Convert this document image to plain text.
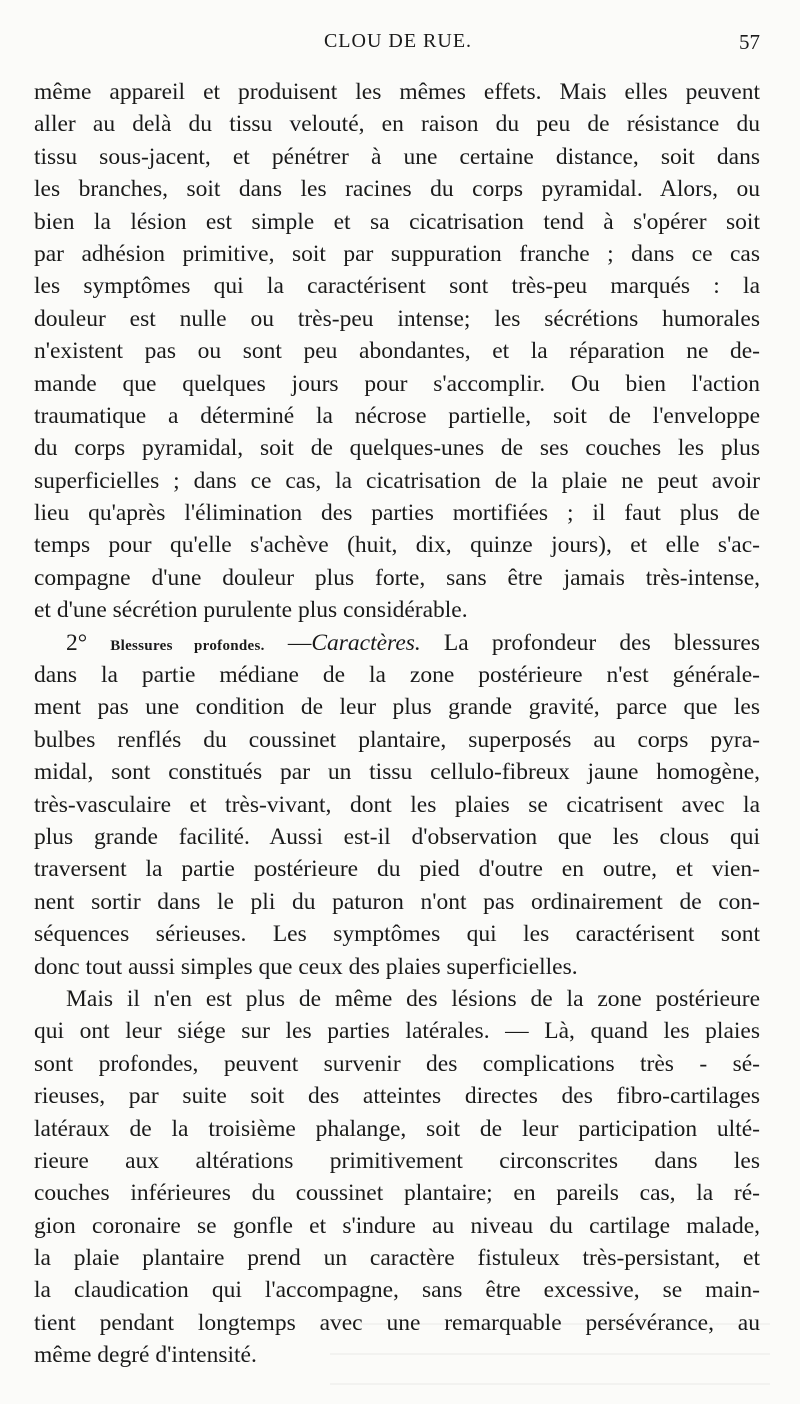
CLOU DE RUE.	57
même appareil et produisent les mêmes effets. Mais elles peuvent
aller au delà du tissu velouté, en raison du peu de résistance du
tissu sous-jacent, et pénétrer à une certaine distance, soit dans
les branches, soit dans les racines du corps pyramidal. Alors, ou
bien la lésion est simple et sa cicatrisation tend à s'opérer soit
par adhésion primitive, soit par suppuration franche ; dans ce cas
les symptômes qui la caractérisent sont très-peu marqués : la
douleur est nulle ou très-peu intense; les sécrétions humorales
n'existent pas ou sont peu abondantes, et la réparation ne de-
mande que quelques jours pour s'accomplir. Ou bien l'action
traumatique a déterminé la nécrose partielle, soit de l'enveloppe
du corps pyramidal, soit de quelques-unes de ses couches les plus
superficielles ; dans ce cas, la cicatrisation de la plaie ne peut avoir
lieu qu'après l'élimination des parties mortifiées ; il faut plus de
temps pour qu'elle s'achève (huit, dix, quinze jours), et elle s'ac-
compagne d'une douleur plus forte, sans être jamais très-intense,
et d'une sécrétion purulente plus considérable.
2° Blessures profondes. —Caractères. La profondeur des blessures
dans la partie médiane de la zone postérieure n'est générale-
ment pas une condition de leur plus grande gravité, parce que les
bulbes renflés du coussinet plantaire, superposés au corps pyra-
midal, sont constitués par un tissu cellulo-fibreux jaune homogène,
très-vasculaire et très-vivant, dont les plaies se cicatrisent avec la
plus grande facilité. Aussi est-il d'observation que les clous qui
traversent la partie postérieure du pied d'outre en outre, et vien-
nent sortir dans le pli du paturon n'ont pas ordinairement de con-
séquences sérieuses. Les symptômes qui les caractérisent sont
donc tout aussi simples que ceux des plaies superficielles.
Mais il n'en est plus de même des lésions de la zone postérieure
qui ont leur siége sur les parties latérales. — Là, quand les plaies
sont profondes, peuvent survenir des complications très - sé-
rieuses, par suite soit des atteintes directes des fibro-cartilages
latéraux de la troisième phalange, soit de leur participation ulté-
rieure aux altérations primitivement circonscrites dans les
couches inférieures du coussinet plantaire; en pareils cas, la ré-
gion coronaire se gonfle et s'indure au niveau du cartilage malade,
la plaie plantaire prend un caractère fistuleux très-persistant, et
la claudication qui l'accompagne, sans être excessive, se main-
tient pendant longtemps avec une remarquable persévérance, au
même degré d'intensité.
